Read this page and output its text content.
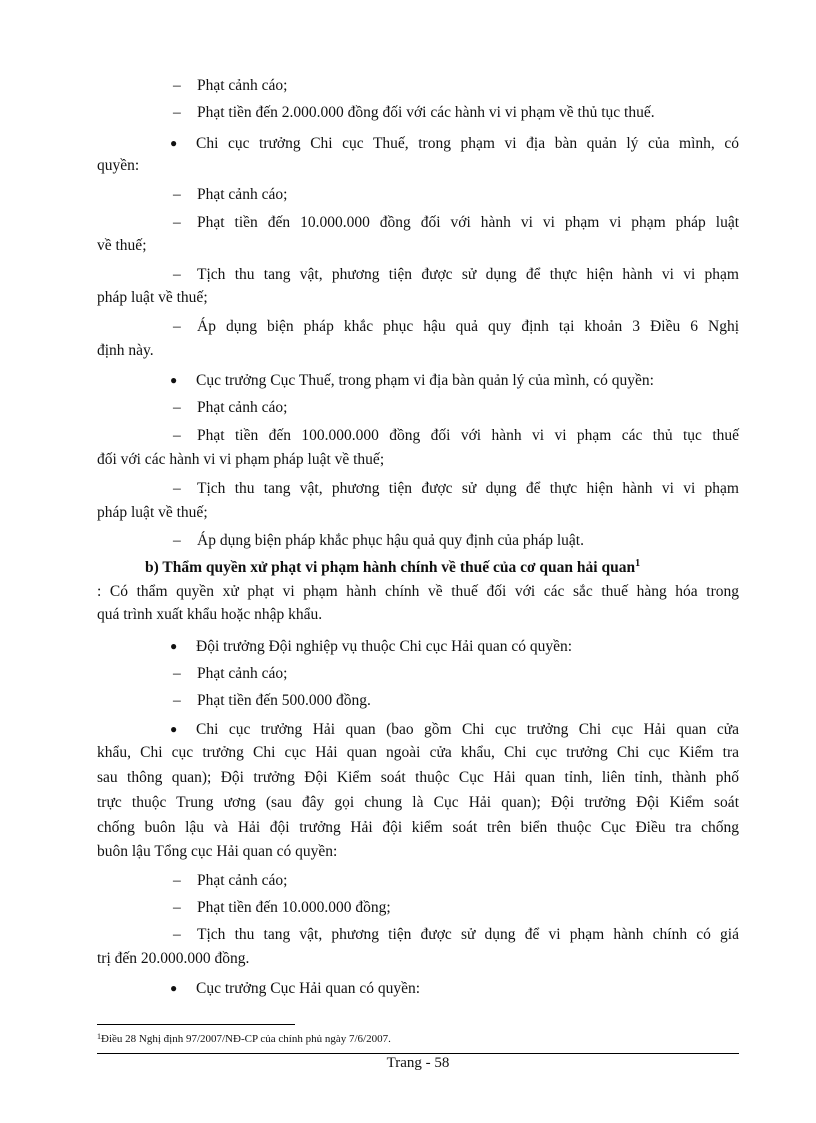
– Phạt cảnh cáo;
– Phạt tiền đến 2.000.000 đồng đối với các hành vi vi phạm về thủ tục thuế.
● Chi cục trưởng Chi cục Thuế, trong phạm vi địa bàn quản lý của mình, có
quyền:
– Phạt cảnh cáo;
– Phạt tiền đến 10.000.000 đồng đối với hành vi vi phạm vi phạm pháp luật
về thuế;
– Tịch thu tang vật, phương tiện được sử dụng để thực hiện hành vi vi phạm
pháp luật về thuế;
– Áp dụng biện pháp khắc phục hậu quả quy định tại khoản 3 Điều 6 Nghị
định này.
● Cục trưởng Cục Thuế, trong phạm vi địa bàn quản lý của mình, có quyền:
– Phạt cảnh cáo;
– Phạt tiền đến 100.000.000 đồng đối với hành vi vi phạm các thủ tục thuế
đối với các hành vi vi phạm pháp luật về thuế;
– Tịch thu tang vật, phương tiện được sử dụng để thực hiện hành vi vi phạm
pháp luật về thuế;
– Áp dụng biện pháp khắc phục hậu quả quy định của pháp luật.
b) Thẩm quyền xử phạt vi phạm hành chính về thuế của cơ quan hải quan$^1$
: Có thẩm quyền xử phạt vi phạm hành chính về thuế đối với các sắc thuế hàng hóa trong
quá trình xuất khẩu hoặc nhập khẩu.
● Đội trưởng Đội nghiệp vụ thuộc Chi cục Hải quan có quyền:
– Phạt cảnh cáo;
– Phạt tiền đến 500.000 đồng.
● Chi cục trưởng Hải quan (bao gồm Chi cục trưởng Chi cục Hải quan cửa
khẩu, Chi cục trưởng Chi cục Hải quan ngoài cửa khẩu, Chi cục trưởng Chi cục Kiểm tra
sau thông quan); Đội trưởng Đội Kiểm soát thuộc Cục Hải quan tỉnh, liên tỉnh, thành phố
trực thuộc Trung ương (sau đây gọi chung là Cục Hải quan); Đội trưởng Đội Kiểm soát
chống buôn lậu và Hải đội trưởng Hải đội kiểm soát trên biển thuộc Cục Điều tra chống
buôn lậu Tổng cục Hải quan có quyền:
– Phạt cảnh cáo;
– Phạt tiền đến 10.000.000 đồng;
– Tịch thu tang vật, phương tiện được sử dụng để vi phạm hành chính có giá
trị đến 20.000.000 đồng.
● Cục trưởng Cục Hải quan có quyền:
$^1$Điều 28 Nghị định 97/2007/NĐ-CP của chính phủ ngày 7/6/2007.
Trang - 58
